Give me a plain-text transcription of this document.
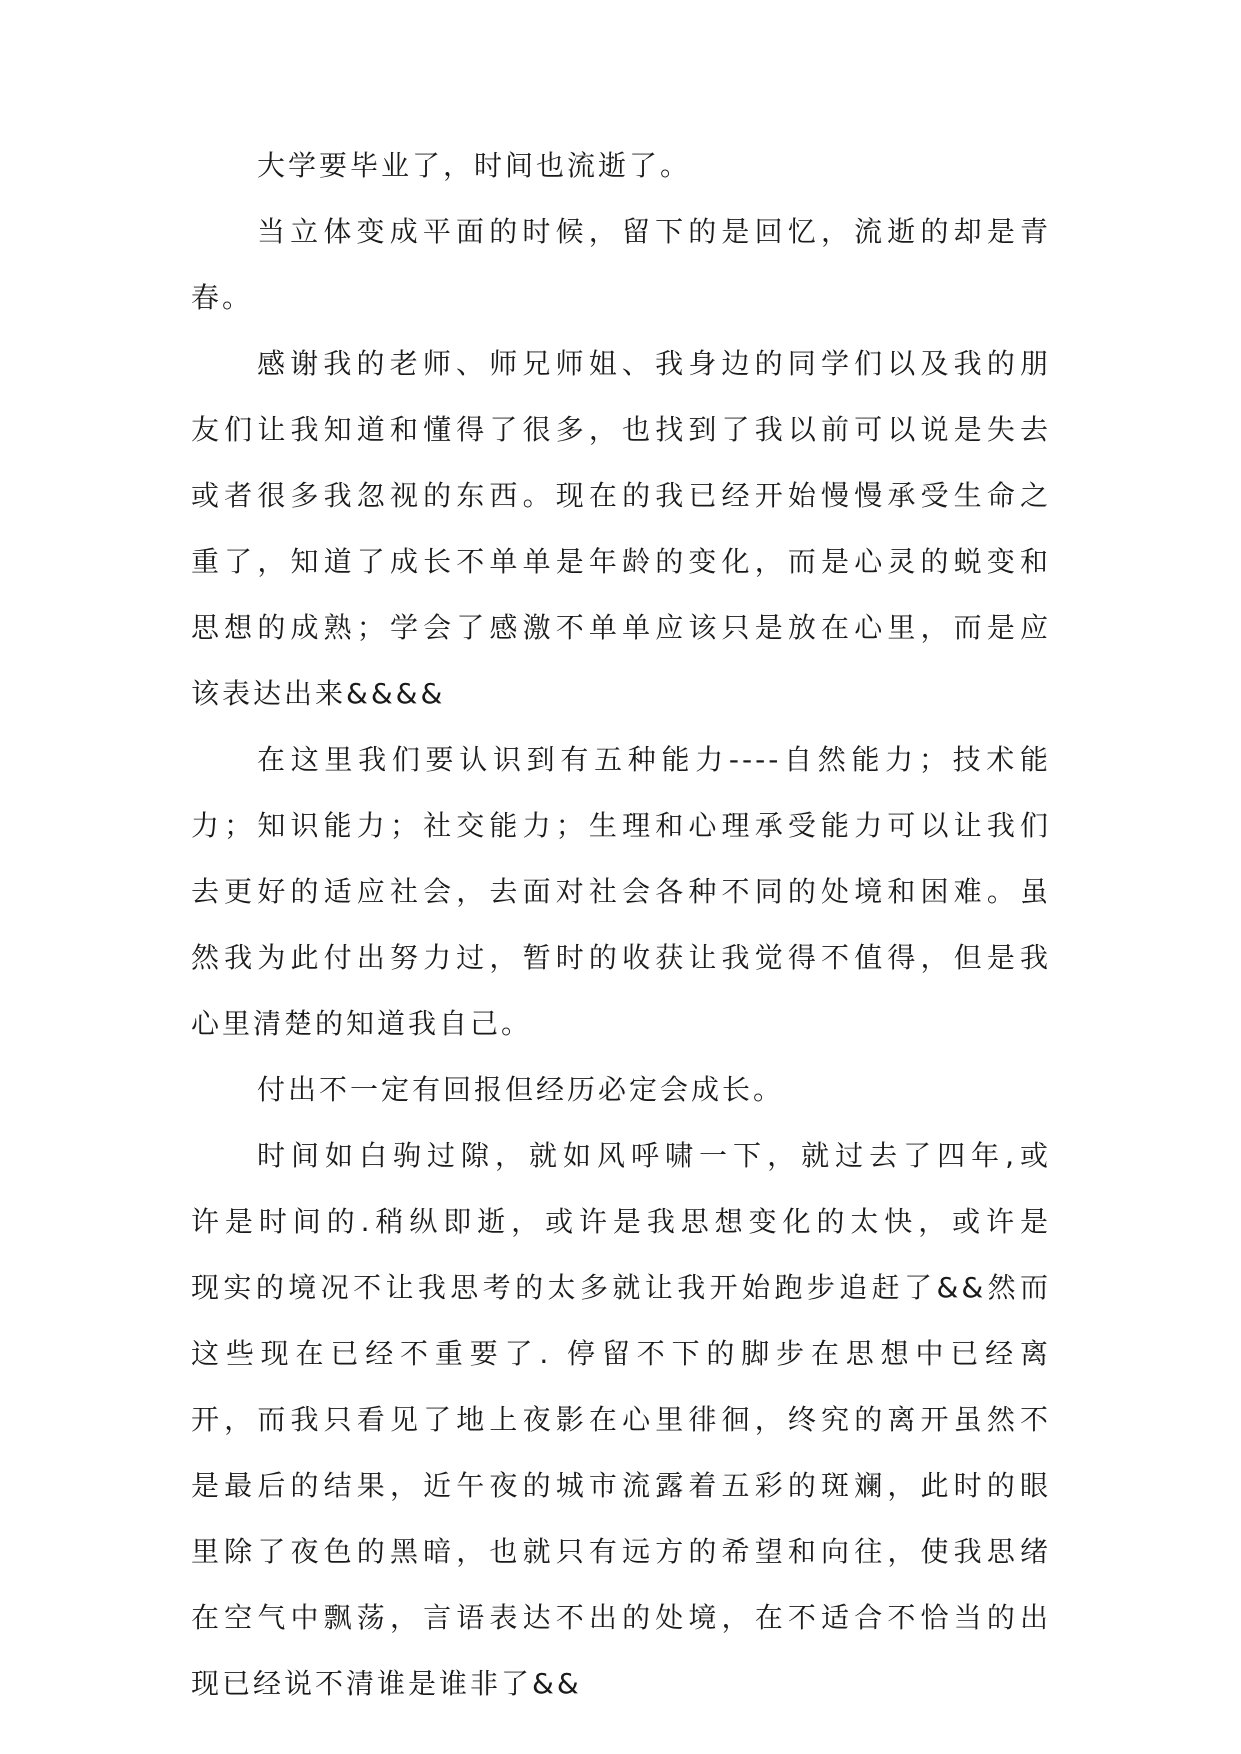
大学要毕业了，时间也流逝了。
当立体变成平面的时候，留下的是回忆，流逝的却是青
春。
感谢我的老师、师兄师姐、我身边的同学们以及我的朋
友们让我知道和懂得了很多，也找到了我以前可以说是失去
或者很多我忽视的东西。现在的我已经开始慢慢承受生命之
重了，知道了成长不单单是年龄的变化，而是心灵的蜕变和
思想的成熟；学会了感激不单单应该只是放在心里，而是应
该表达出来&&&&
在这里我们要认识到有五种能力----自然能力；技术能
力；知识能力；社交能力；生理和心理承受能力可以让我们
去更好的适应社会，去面对社会各种不同的处境和困难。虽
然我为此付出努力过，暂时的收获让我觉得不值得，但是我
心里清楚的知道我自己。
付出不一定有回报但经历必定会成长。
时间如白驹过隙，就如风呼啸一下，就过去了四年,或
许是时间的.稍纵即逝，或许是我思想变化的太快，或许是
现实的境况不让我思考的太多就让我开始跑步追赶了&&然而
这些现在已经不重要了. 停留不下的脚步在思想中已经离
开，而我只看见了地上夜影在心里徘徊，终究的离开虽然不
是最后的结果，近午夜的城市流露着五彩的斑斓，此时的眼
里除了夜色的黑暗，也就只有远方的希望和向往，使我思绪
在空气中飘荡，言语表达不出的处境，在不适合不恰当的出
现已经说不清谁是谁非了&&
